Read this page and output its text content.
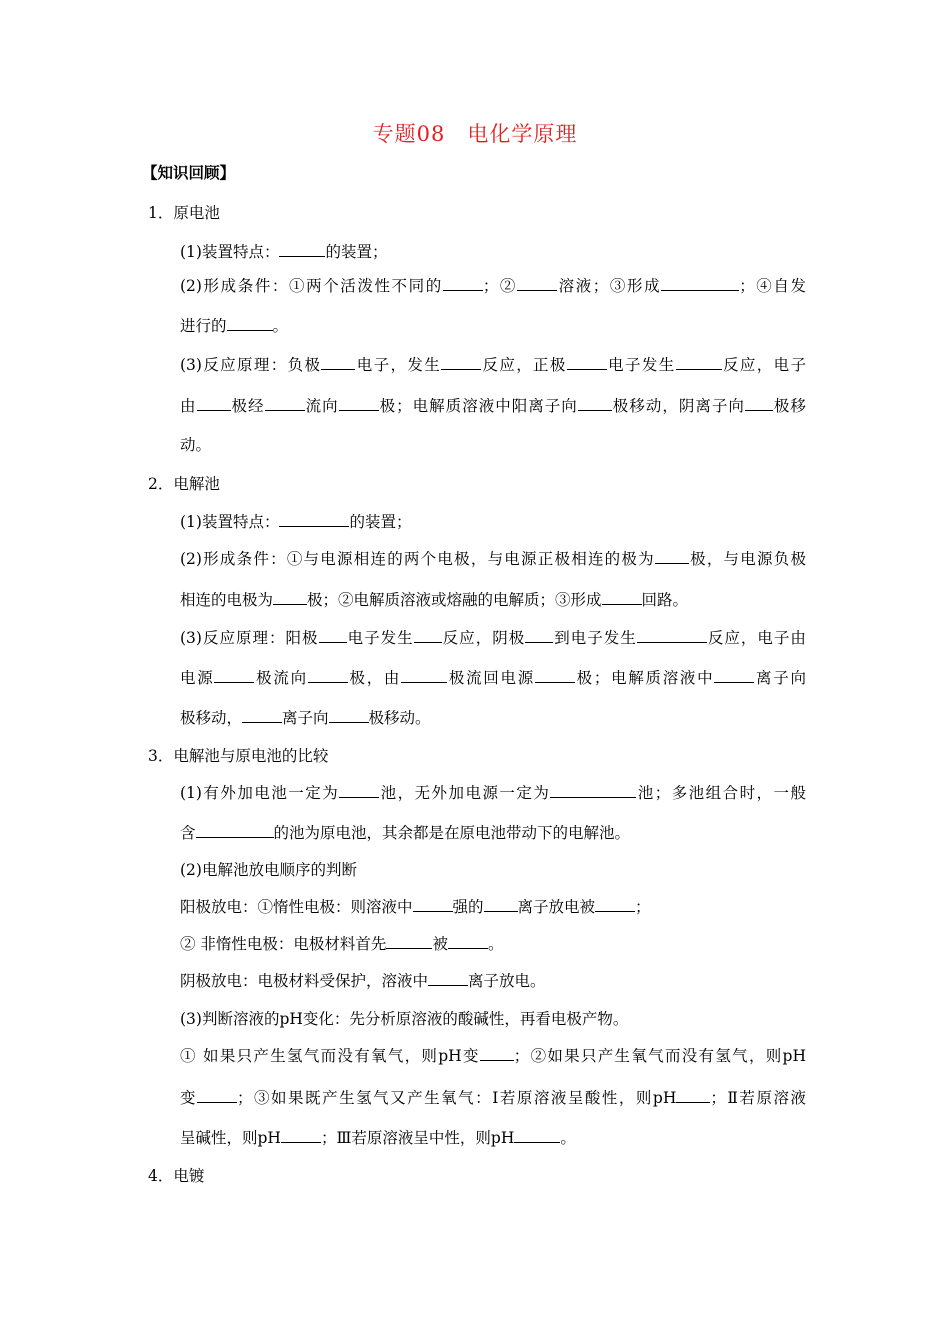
专题08　电化学原理
【知识回顾】
1．原电池
(1)装置特点：	的装置；
(2)形成条件：①两个活泼性不同的	；②	溶液；③形成	；④自发
进行的	。
(3)反应原理：负极 电子，发生	反应，正极	电子发生	反应，电子
由 极经	流向	极；电解质溶液中阳离子向 极移动，阴离子向 极移
动。
2．电解池
(1)装置特点：	的装置；
(2)形成条件：①与电源相连的两个电极，与电源正极相连的极为 极，与电源负极
相连的电极为 极；②电解质溶液或熔融的电解质；③形成	回路。
(3)反应原理：阳极 电子发生 反应，阴极 到电子发生	反应，电子由
电源	极流向	极，由	极流回电源	极；电解质溶液中	离子向
极移动，	离子向	极移动。
3．电解池与原电池的比较
(1)有外加电池一定为	池，无外加电源一定为	池；多池组合时，一般
含	的池为原电池，其余都是在原电池带动下的电解池。
(2)电解池放电顺序的判断
阳极放电：①惰性电极：则溶液中	强的 离子放电被	；
② 非惰性电极：电极材料首先	被	。
阴极放电：电极材料受保护，溶液中	离子放电。
(3)判断溶液的pH变化：先分析原溶液的酸碱性，再看电极产物。
① 如果只产生氢气而没有氧气，则pH变 ；②如果只产生氧气而没有氢气，则pH
变	；③如果既产生氢气又产生氧气：Ⅰ若原溶液呈酸性，则pH ；Ⅱ若原溶液
呈碱性，则pH	；Ⅲ若原溶液呈中性，则pH	。
4．电镀
